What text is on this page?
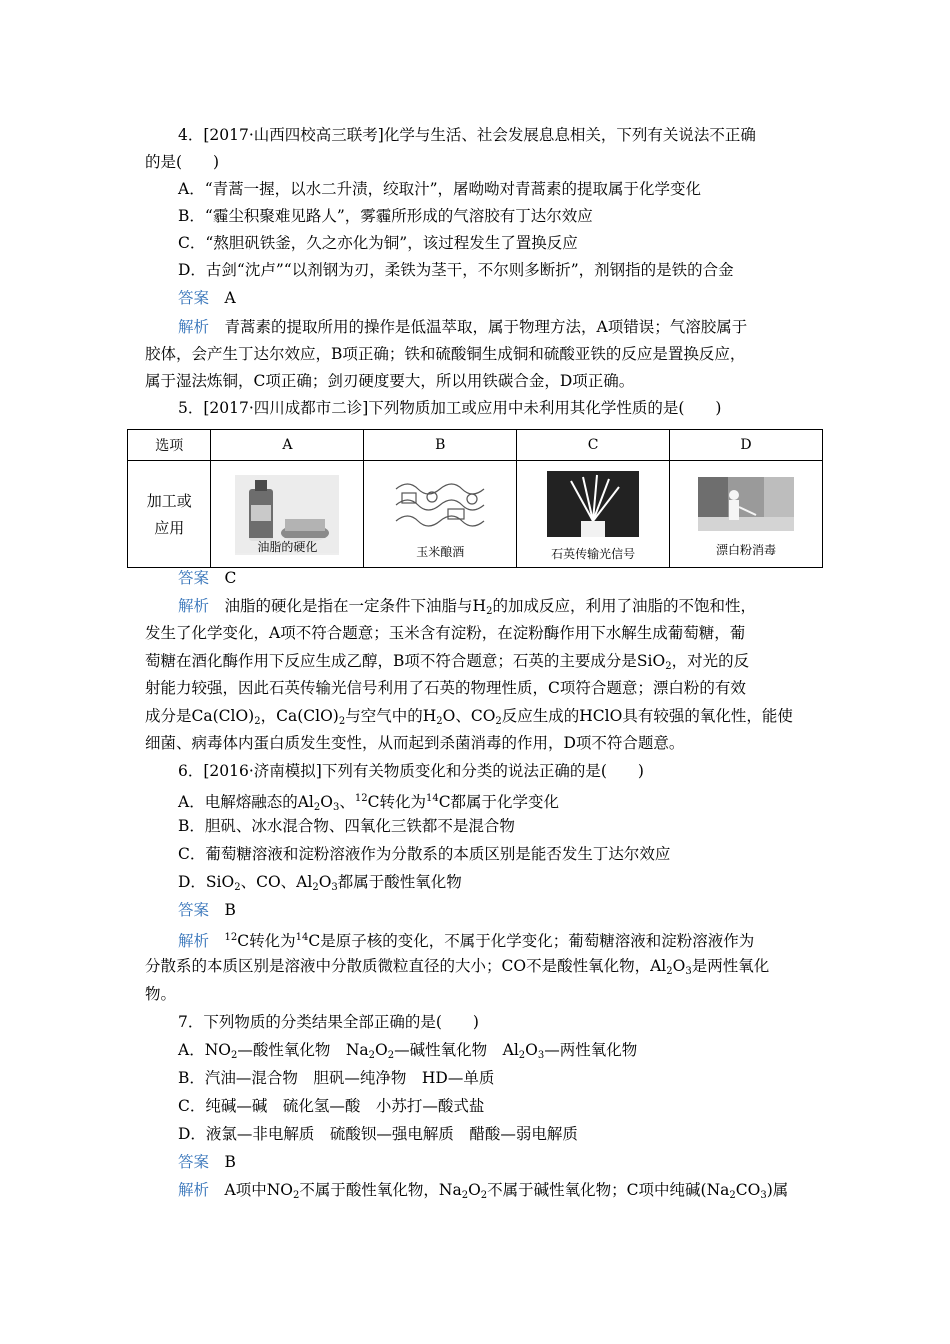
4．[2017·山西四校高三联考]化学与生活、社会发展息息相关，下列有关说法不正确
的是(　　)
A．“青蒿一握，以水二升渍，绞取汁”，屠呦呦对青蒿素的提取属于化学变化
B．“霾尘积聚难见路人”，雾霾所形成的气溶胶有丁达尔效应
C．“熬胆矾铁釜，久之亦化为铜”，该过程发生了置换反应
D．古剑“沈卢”“以剂钢为刃，柔铁为茎干，不尔则多断折”，剂钢指的是铁的合金
答案　 A
解析　 青蒿素的提取所用的操作是低温萃取，属于物理方法，A项错误；气溶胶属于
胶体，会产生丁达尔效应，B项正确；铁和硫酸铜生成铜和硫酸亚铁的反应是置换反应，
属于湿法炼铜，C项正确；剑刃硬度要大，所以用铁碳合金，D项正确。
5．[2017·四川成都市二诊]下列物质加工或应用中未利用其化学性质的是(　　)
选项	A	B	C	D

加工或
应用	油脂的硬化	玉米酿酒	石英传输光信号	漂白粉消毒
答案　 C
解析　 油脂的硬化是指在一定条件下油脂与$H_2$的加成反应，利用了油脂的不饱和性，
发生了化学变化，A项不符合题意；玉米含有淀粉，在淀粉酶作用下水解生成葡萄糖，葡
萄糖在酒化酶作用下反应生成乙醇，B项不符合题意；石英的主要成分是SiO$_2$，对光的反
射能力较强，因此石英传输光信号利用了石英的物理性质，C项符合题意；漂白粉的有效
成分是$Ca(ClO)_2$，$Ca(ClO)_2$与空气中的$H_2O$、$CO_2$反应生成的HClO具有较强的氧化性，能使
细菌、病毒体内蛋白质发生变性，从而起到杀菌消毒的作用，D项不符合题意。
6．[2016·济南模拟]下列有关物质变化和分类的说法正确的是(　　)
A．电解熔融态的$Al_2O_3$、$^{12}$C转化为$^{14}$C都属于化学变化
B．胆矾、冰水混合物、四氧化三铁都不是混合物
C．葡萄糖溶液和淀粉溶液作为分散系的本质区别是能否发生丁达尔效应
D．SiO$_2$、CO、$Al_2O_3$都属于酸性氧化物
答案　 B
解析　 $^{12}$C转化为$^{14}$C是原子核的变化，不属于化学变化；葡萄糖溶液和淀粉溶液作为
分散系的本质区别是溶液中分散质微粒直径的大小；CO不是酸性氧化物，$Al_2O_3$是两性氧化
物。
7．下列物质的分类结果全部正确的是(　　)
A．$NO_2—$酸性氧化物　$Na_2O_2—$碱性氧化物　$Al_2O_3—$两性氧化物
B．汽油—混合物　胆矾—纯净物　HD—单质
C．纯碱—碱　硫化氢—酸　小苏打—酸式盐
D．液氯—非电解质　硫酸钡—强电解质　醋酸—弱电解质
答案　 B
解析　 A项中$NO_2$不属于酸性氧化物，$Na_2O_2$不属于碱性氧化物；C项中纯碱$(Na_2CO_3)$属
